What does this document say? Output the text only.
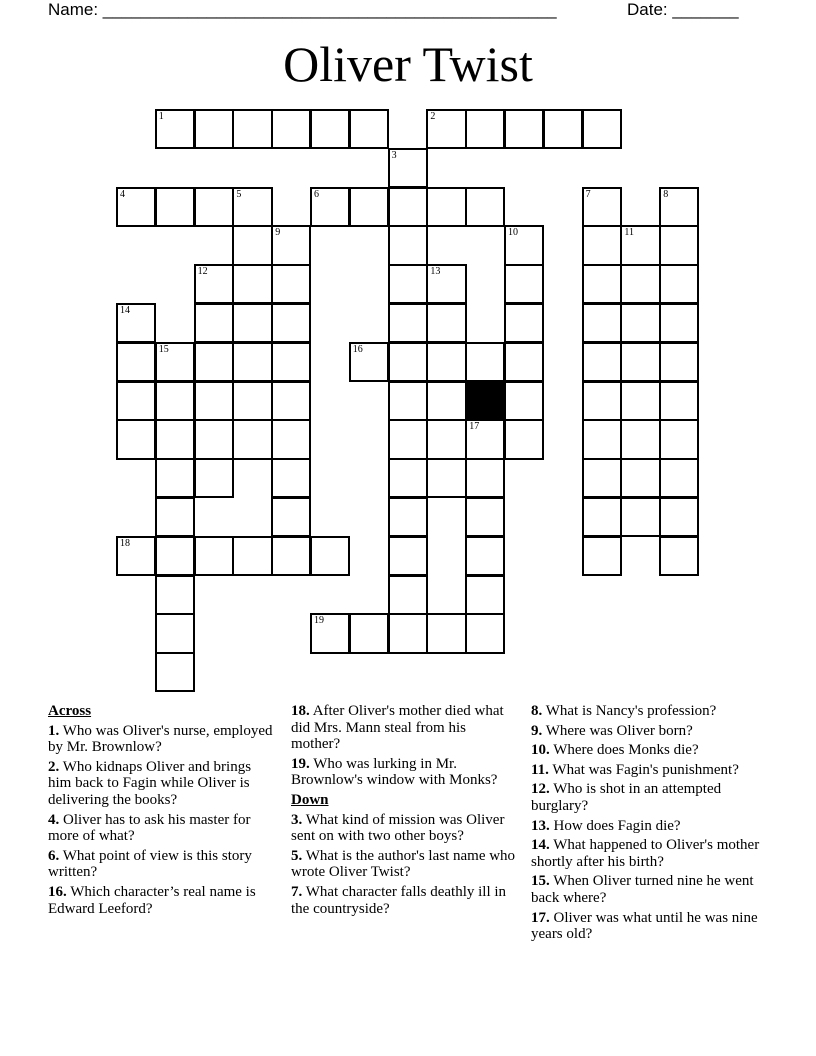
Name: ________________________________________________	Date: _______
Oliver Twist
1	2
3
4	5	6	7	8
9	10	11
12	13
14
15	16
17
18
19
Across

1. Who was Oliver's nurse, employed by Mr. Brownlow?

2. Who kidnaps Oliver and brings him back to Fagin while Oliver is delivering the books?

4. Oliver has to ask his master for more of what?

6. What point of view is this story written?

16. Which character’s real name is Edward Leeford?

18. After Oliver's mother died what did Mrs. Mann steal from his mother?

19. Who was lurking in Mr. Brownlow's window with Monks?

Down

3. What kind of mission was Oliver sent on with two other boys?

5. What is the author's last name who wrote Oliver Twist?

7. What character falls deathly ill in the countryside?

8. What is Nancy's profession?

9. Where was Oliver born?

10. Where does Monks die?

11. What was Fagin's punishment?

12. Who is shot in an attempted burglary?

13. How does Fagin die?

14. What happened to Oliver's mother shortly after his birth?

15. When Oliver turned nine he went back where?

17. Oliver was what until he was nine years old?
